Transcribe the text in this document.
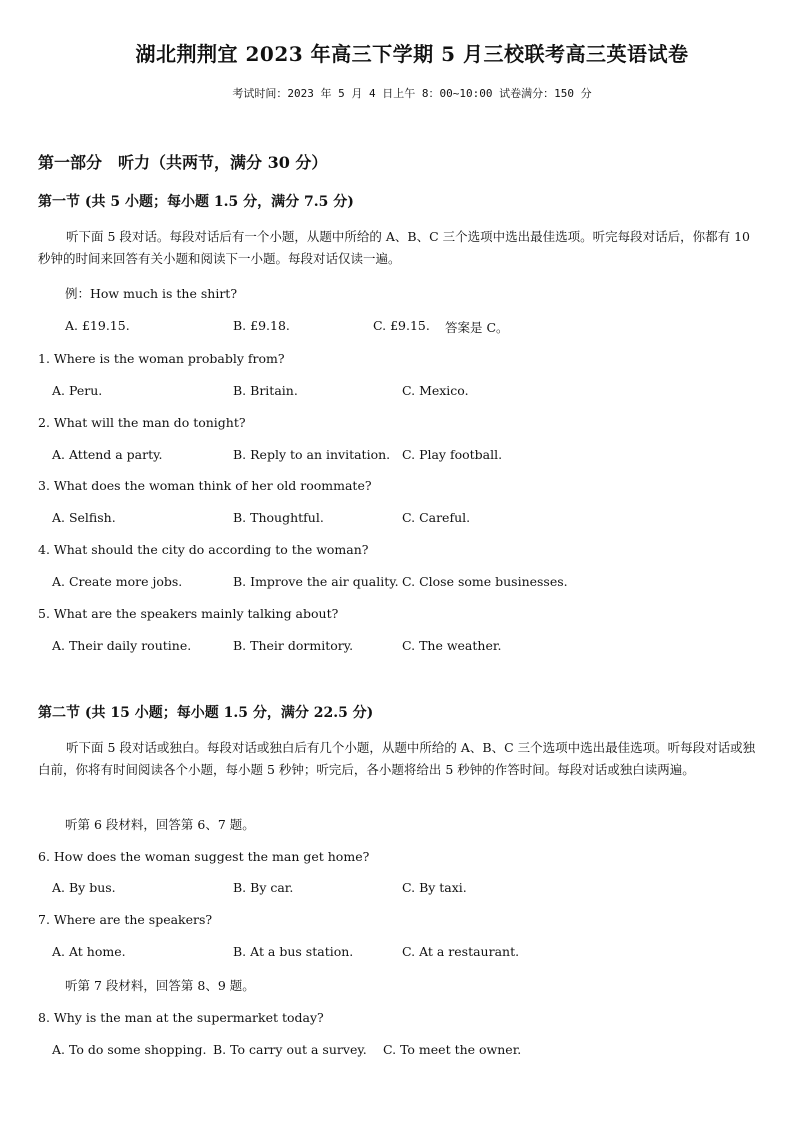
湖北荆荆宜 2023 年高三下学期 5 月三校联考高三英语试卷
考试时间：2023 年 5 月 4 日上午 8：00~10:00 试卷满分：150 分
第一部分　听力（共两节，满分 30 分）
第一节 (共 5 小题；每小题 1.5 分，满分 7.5 分)
听下面 5 段对话。每段对话后有一个小题，从题中所给的 A、B、C 三个选项中选出最佳选项。听完每段对话后，你都有 10 秒钟的时间来回答有关小题和阅读下一小题。每段对话仅读一遍。
例：How much is the shirt?
A. £19.15.	B. £9.18.	C. £9.15. 答案是 C。
1. Where is the woman probably from?
A. Peru.	B. Britain.	C. Mexico.
2. What will the man do tonight?
A. Attend a party.	B. Reply to an invitation. C. Play football.
3. What does the woman think of her old roommate?
A. Selfish.	B. Thoughtful.	C. Careful.
4. What should the city do according to the woman?
A. Create more jobs.	B. Improve the air quality. C. Close some businesses.
5. What are the speakers mainly talking about?
A. Their daily routine.	B. Their dormitory.	C. The weather.
第二节 (共 15 小题；每小题 1.5 分，满分 22.5 分)
听下面 5 段对话或独白。每段对话或独白后有几个小题，从题中所给的 A、B、C 三个选项中选出最佳选项。听每段对话或独白前，你将有时间阅读各个小题，每小题 5 秒钟；听完后，各小题将给出 5 秒钟的作答时间。每段对话或独白读两遍。
听第 6 段材料，回答第 6、7 题。
6. How does the woman suggest the man get home?
A. By bus.	B. By car.	C. By taxi.
7. Where are the speakers?
A. At home.	B. At a bus station.	C. At a restaurant.
听第 7 段材料，回答第 8、9 题。
8. Why is the man at the supermarket today?
A. To do some shopping. B. To carry out a survey. C. To meet the owner.
